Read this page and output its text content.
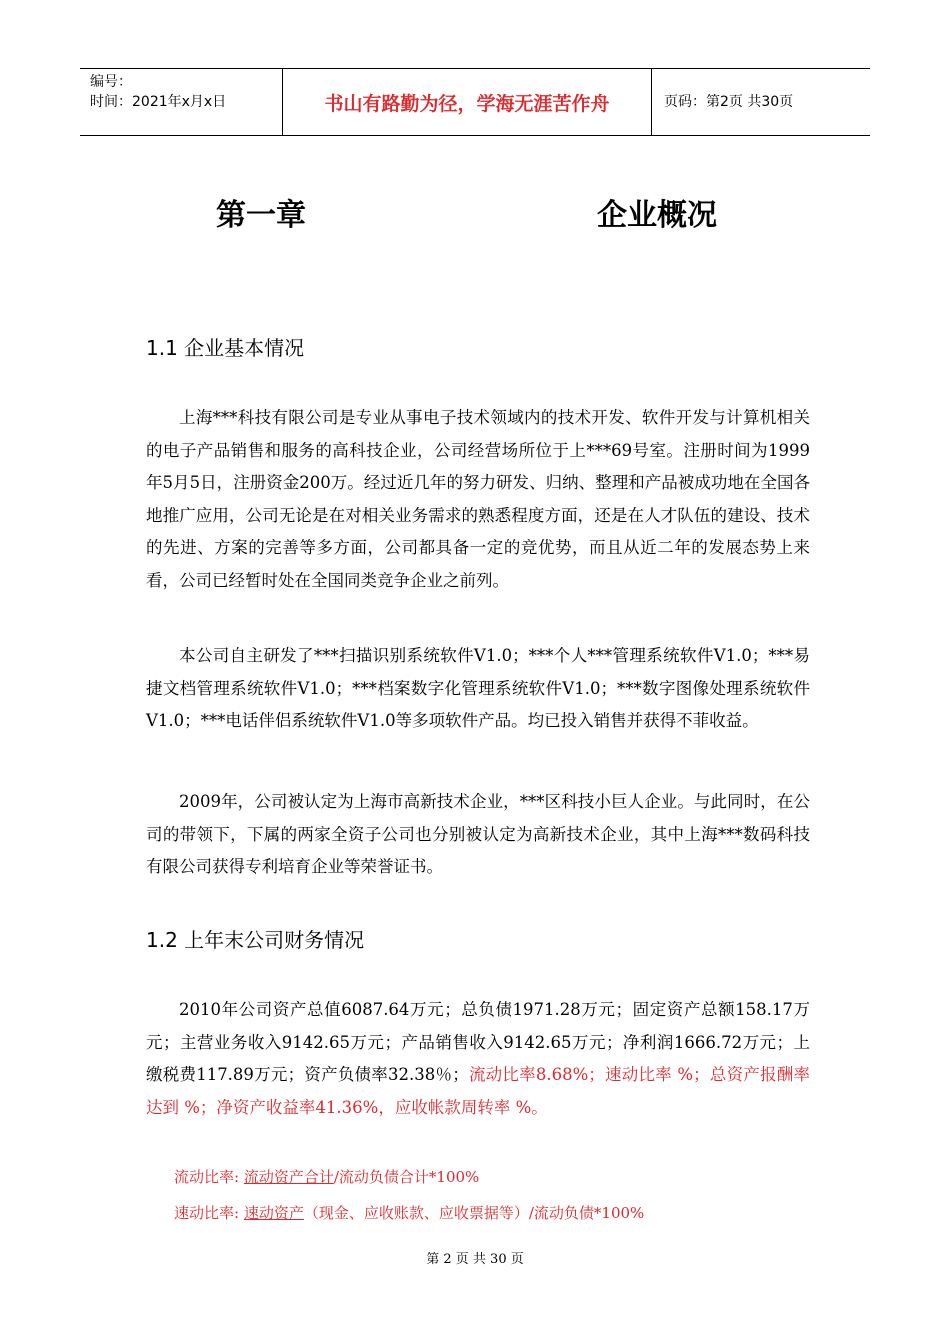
编号：
时间：2021年x月x日	书山有路勤为径，学海无涯苦作舟	页码：第2页 共30页
第一章	企业概况
1.1 企业基本情况

上海***科技有限公司是专业从事电子技术领域内的技术开发、软件开发与计算机相关的电子产品销售和服务的高科技企业，公司经营场所位于上***69号室。注册时间为1999年5月5日，注册资金200万。经过近几年的努力研发、归纳、整理和产品被成功地在全国各地推广应用，公司无论是在对相关业务需求的熟悉程度方面，还是在人才队伍的建设、技术的先进、方案的完善等多方面，公司都具备一定的竞优势，而且从近二年的发展态势上来看，公司已经暂时处在全国同类竞争企业之前列。

本公司自主研发了***扫描识别系统软件V1.0；***个人***管理系统软件V1.0；***易捷文档管理系统软件V1.0；***档案数字化管理系统软件V1.0；***数字图像处理系统软件V1.0；***电话伴侣系统软件V1.0等多项软件产品。均已投入销售并获得不菲收益。

2009年，公司被认定为上海市高新技术企业，***区科技小巨人企业。与此同时，在公司的带领下，下属的两家全资子公司也分别被认定为高新技术企业，其中上海***数码科技有限公司获得专利培育企业等荣誉证书。

1.2 上年末公司财务情况

2010年公司资产总值6087.64万元；总负债1971.28万元；固定资产总额158.17万元；主营业务收入9142.65万元；产品销售收入9142.65万元；净利润1666.72万元；上缴税费117.89万元；资产负债率32.38％；流动比率8.68%；速动比率 %；总资产报酬率达到 %；净资产收益率41.36%，应收帐款周转率 %。

流动比率: 流动资产合计/流动负债合计*100%
速动比率: 速动资产（现金、应收账款、应收票据等）/流动负债*100%
第 2 页 共 30 页
